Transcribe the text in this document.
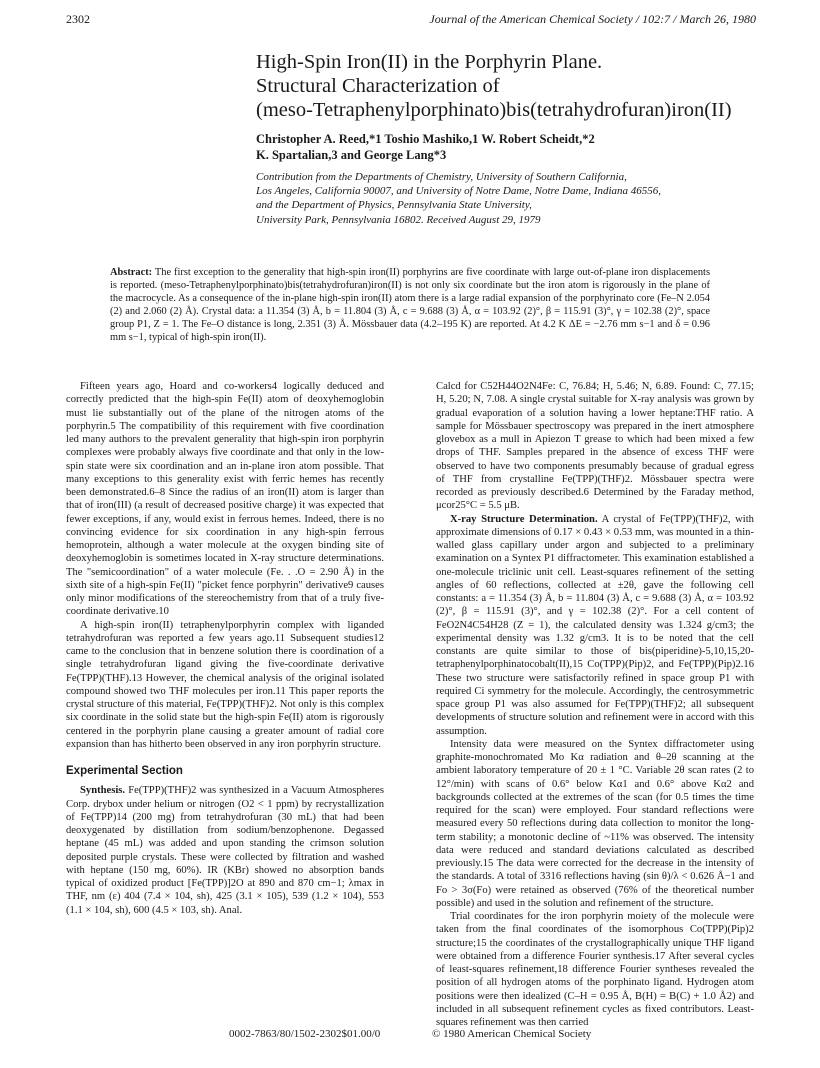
2302	Journal of the American Chemical Society / 102:7 / March 26, 1980
High-Spin Iron(II) in the Porphyrin Plane.
Structural Characterization of
(meso-Tetraphenylporphinato)bis(tetrahydrofuran)iron(II)
Christopher A. Reed,*1 Toshio Mashiko,1 W. Robert Scheidt,*2
K. Spartalian,3 and George Lang*3
Contribution from the Departments of Chemistry, University of Southern California,
Los Angeles, California 90007, and University of Notre Dame, Notre Dame, Indiana 46556,
and the Department of Physics, Pennsylvania State University,
University Park, Pennsylvania 16802. Received August 29, 1979
Abstract: The first exception to the generality that high-spin iron(II) porphyrins are five coordinate with large out-of-plane iron displacements is reported. (meso-Tetraphenylporphinato)bis(tetrahydrofuran)iron(II) is not only six coordinate but the iron atom is rigorously in the plane of the macrocycle. As a consequence of the in-plane high-spin iron(II) atom there is a large radial expansion of the porphyrinato core (Fe–N 2.054 (2) and 2.060 (2) Å). Crystal data: a 11.354 (3) Å, b = 11.804 (3) Å, c = 9.688 (3) Å, α = 103.92 (2)°, β = 115.91 (3)°, γ = 102.38 (2)°, space group P1, Z = 1. The Fe–O distance is long, 2.351 (3) Å. Mössbauer data (4.2–195 K) are reported. At 4.2 K ΔE = −2.76 mm s−1 and δ = 0.96 mm s−1, typical of high-spin iron(II).

Fifteen years ago, Hoard and co-workers4 logically deduced and correctly predicted that the high-spin Fe(II) atom of deoxyhemoglobin must lie substantially out of the plane of the nitrogen atoms of the porphyrin.5 The compatibility of this requirement with five coordination led many authors to the prevalent generality that high-spin iron porphyrin complexes were probably always five coordinate and that only in the low-spin state were six coordination and an in-plane iron atom possible. That many exceptions to this generality exist with ferric hemes has recently been demonstrated.6–8 Since the radius of an iron(II) atom is larger than that of iron(III) (a result of decreased positive charge) it was expected that fewer exceptions, if any, would exist in ferrous hemes. Indeed, there is no convincing evidence for six coordination in any high-spin ferrous hemoprotein, although a water molecule at the oxygen binding site of deoxyhemoglobin is sometimes located in X-ray structure determinations. The "semicoordination" of a water molecule (Fe. . .O = 2.90 Å) in the sixth site of a high-spin Fe(II) "picket fence porphyrin" derivative9 causes only minor modifications of the stereochemistry from that of a truly five-coordinate derivative.10

A high-spin iron(II) tetraphenylporphyrin complex with liganded tetrahydrofuran was reported a few years ago.11 Subsequent studies12 came to the conclusion that in benzene solution there is coordination of a single tetrahydrofuran ligand giving the five-coordinate derivative Fe(TPP)(THF).13 However, the chemical analysis of the original isolated compound showed two THF molecules per iron.11 This paper reports the crystal structure of this material, Fe(TPP)(THF)2. Not only is this complex six coordinate in the solid state but the high-spin Fe(II) atom is rigorously centered in the porphyrin plane causing a greater amount of radial core expansion than has hitherto been observed in any iron porphyrin structure.

Experimental Section

Synthesis. Fe(TPP)(THF)2 was synthesized in a Vacuum Atmospheres Corp. drybox under helium or nitrogen (O2 < 1 ppm) by recrystallization of Fe(TPP)14 (200 mg) from tetrahydrofuran (30 mL) that had been deoxygenated by distillation from sodium/benzophenone. Degassed heptane (45 mL) was added and upon standing the crimson solution deposited purple crystals. These were collected by filtration and washed with heptane (150 mg, 60%). IR (KBr) showed no absorption bands typical of oxidized product [Fe(TPP)]2O at 890 and 870 cm−1; λmax in THF, nm (ε) 404 (7.4 × 104, sh), 425 (3.1 × 105), 539 (1.2 × 104), 553 (1.1 × 104, sh), 600 (4.5 × 103, sh). Anal.

Calcd for C52H44O2N4Fe: C, 76.84; H, 5.46; N, 6.89. Found: C, 77.15; H, 5.20; N, 7.08. A single crystal suitable for X-ray analysis was grown by gradual evaporation of a solution having a lower heptane:THF ratio. A sample for Mössbauer spectroscopy was prepared in the inert atmosphere glovebox as a mull in Apiezon T grease to which had been mixed a few drops of THF. Samples prepared in the absence of excess THF were observed to have two components presumably because of gradual egress of THF from crystalline Fe(TPP)(THF)2. Mössbauer spectra were recorded as previously described.6 Determined by the Faraday method, μcor25°C = 5.5 μB.

X-ray Structure Determination. A crystal of Fe(TPP)(THF)2, with approximate dimensions of 0.17 × 0.43 × 0.53 mm, was mounted in a thin-walled glass capillary under argon and subjected to a preliminary examination on a Syntex P1 diffractometer. This examination established a one-molecule triclinic unit cell. Least-squares refinement of the setting angles of 60 reflections, collected at ±2θ, gave the following cell constants: a = 11.354 (3) Å, b = 11.804 (3) Å, c = 9.688 (3) Å, α = 103.92 (2)°, β = 115.91 (3)°, and γ = 102.38 (2)°. For a cell content of FeO2N4C54H28 (Z = 1), the calculated density was 1.324 g/cm3; the experimental density was 1.32 g/cm3. It is to be noted that the cell constants are quite similar to those of bis(piperidine)-5,10,15,20-tetraphenylporphinatocobalt(II),15 Co(TPP)(Pip)2, and Fe(TPP)(Pip)2.16 These two structure were satisfactorily refined in space group P1 with required Ci symmetry for the molecule. Accordingly, the centrosymmetric space group P1 was also assumed for Fe(TPP)(THF)2; all subsequent developments of structure solution and refinement were in accord with this assumption.

Intensity data were measured on the Syntex diffractometer using graphite-monochromated Mo Kα radiation and θ–2θ scanning at the ambient laboratory temperature of 20 ± 1 °C. Variable 2θ scan rates (2 to 12°/min) with scans of 0.6° below Kα1 and 0.6° above Kα2 and backgrounds collected at the extremes of the scan (for 0.5 times the time required for the scan) were employed. Four standard reflections were measured every 50 reflections during data collection to monitor the long-term stability; a monotonic decline of ~11% was observed. The intensity data were reduced and standard deviations calculated as described previously.15 The data were corrected for the decrease in the intensity of the standards. A total of 3316 reflections having (sin θ)/λ < 0.626 Å−1 and Fo > 3σ(Fo) were retained as observed (76% of the theoretical number possible) and used in the solution and refinement of the structure.

Trial coordinates for the iron porphyrin moiety of the molecule were taken from the final coordinates of the isomorphous Co(TPP)(Pip)2 structure;15 the coordinates of the crystallographically unique THF ligand were obtained from a difference Fourier synthesis.17 After several cycles of least-squares refinement,18 difference Fourier syntheses revealed the position of all hydrogen atoms of the porphinato ligand. Hydrogen atom positions were then idealized (C–H = 0.95 Å, B(H) = B(C) + 1.0 Å2) and included in all subsequent refinement cycles as fixed contributors. Least-squares refinement was then carried

0002-7863/80/1502-2302$01.00/0	© 1980 American Chemical Society
